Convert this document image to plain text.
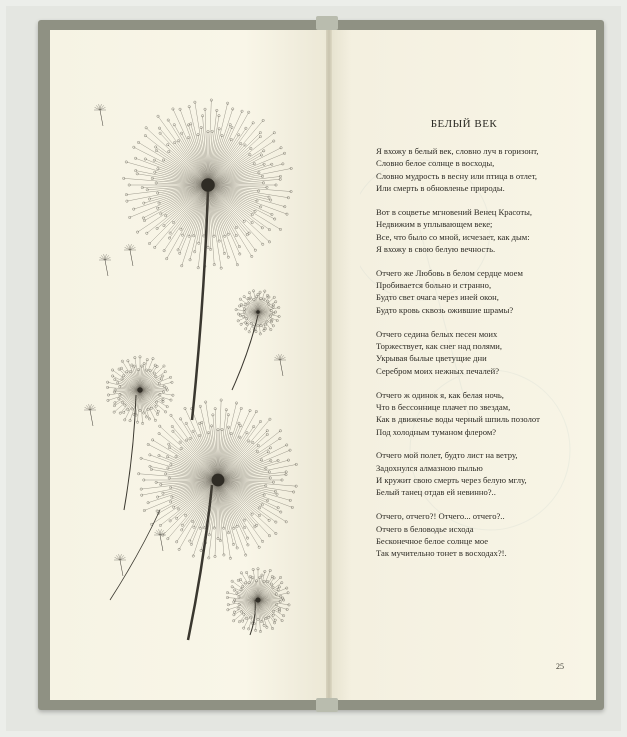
БЕЛЫЙ ВЕК
Я вхожу в белый век, словно луч в горизонт,
Словно белое солнце в восходы,
Словно мудрость в весну или птица в отлет,
Или смерть в обновленье природы.
Вот в соцветье мгновений Венец Красоты,
Недвижим в уплывающем веке;
Все, что было со мной, исчезает, как дым:
Я вхожу в свою белую вечность.
Отчего же Любовь в белом сердце моем
Пробивается больно и странно,
Будто свет очага через иней окон,
Будто кровь сквозь ожившие шрамы?
Отчего седина белых песен моих
Торжествует, как снег над полями,
Укрывая былые цветущие дни
Серебром моих нежных печалей?
Отчего ж одинок я, как белая ночь,
Что в бессоннице плачет по звездам,
Как в движенье воды черный шпиль позолот
Под холодным туманом флером?
Отчего мой полет, будто лист на ветру,
Задохнулся алмазною пылью
И кружит свою смерть через белую мглу,
Белый танец отдав ей невинно?..
Отчего, отчего?! Отчего... отчего?..
Отчего в беловодье исхода
Бесконечное белое солнце мое
Так мучительно тонет в восходах?!.
25
